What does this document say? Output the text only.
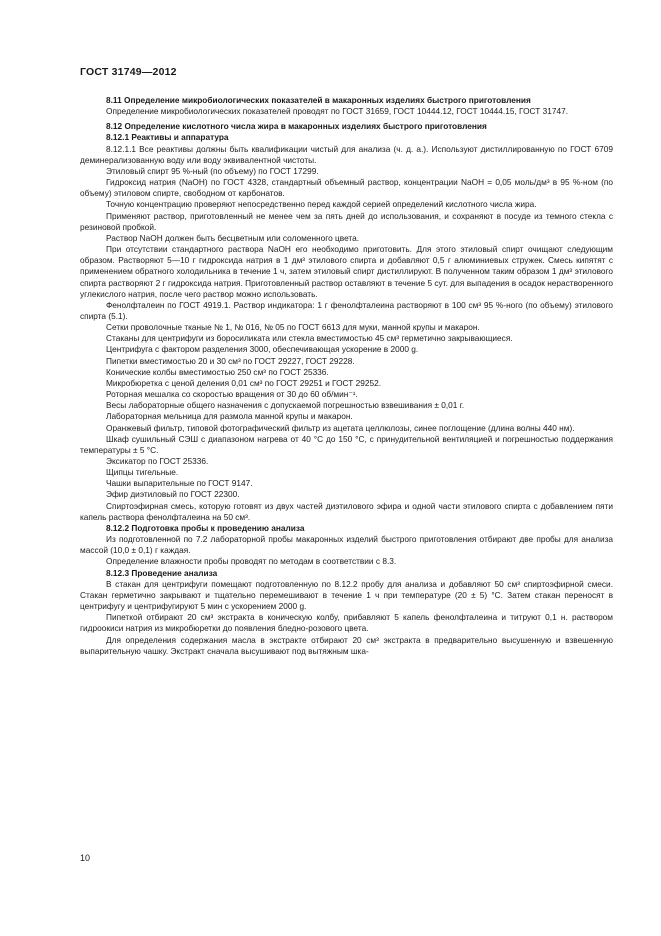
ГОСТ 31749—2012

8.11 Определение микробиологических показателей в макаронных изделиях быстрого приготовления

Определение микробиологических показателей проводят по ГОСТ 31659, ГОСТ 10444.12, ГОСТ 10444.15, ГОСТ 31747.

8.12 Определение кислотного числа жира в макаронных изделиях быстрого приготовления

8.12.1 Реактивы и аппаратура

8.12.1.1 Все реактивы должны быть квалификации чистый для анализа (ч. д. а.). Используют дистиллированную по ГОСТ 6709 деминерализованную воду или воду эквивалентной чистоты.

Этиловый спирт 95 %-ный (по объему) по ГОСТ 17299.

Гидроксид натрия (NaOH) по ГОСТ 4328, стандартный объемный раствор, концентрации NaOH = 0,05 моль/дм³ в 95 %-ном (по объему) этиловом спирте, свободном от карбонатов.

Точную концентрацию проверяют непосредственно перед каждой серией определений кислотного числа жира.

Применяют раствор, приготовленный не менее чем за пять дней до использования, и сохраняют в посуде из темного стекла с резиновой пробкой.

Раствор NaOH должен быть бесцветным или соломенного цвета.

При отсутствии стандартного раствора NaOH его необходимо приготовить. Для этого этиловый спирт очищают следующим образом. Растворяют 5—10 г гидроксида натрия в 1 дм³ этилового спирта и добавляют 0,5 г алюминиевых стружек. Смесь кипятят с применением обратного холодильника в течение 1 ч, затем этиловый спирт дистиллируют. В полученном таким образом 1 дм³ этилового спирта растворяют 2 г гидроксида натрия. Приготовленный раствор оставляют в течение 5 сут. для выпадения в осадок нерастворенного углекислого натрия, после чего раствор можно использовать.

Фенолфталеин по ГОСТ 4919.1. Раствор индикатора: 1 г фенолфталеина растворяют в 100 см³ 95 %-ного (по объему) этилового спирта (5.1).

Сетки проволочные тканые № 1, № 016, № 05 по ГОСТ 6613 для муки, манной крупы и макарон.

Стаканы для центрифуги из боросиликата или стекла вместимостью 45 см³ герметично закрывающиеся.

Центрифуга с фактором разделения 3000, обеспечивающая ускорение в 2000 g.

Пипетки вместимостью 20 и 30 см³ по ГОСТ 29227, ГОСТ 29228.

Конические колбы вместимостью 250 см³ по ГОСТ 25336.

Микробюретка с ценой деления 0,01 см³ по ГОСТ 29251 и ГОСТ 29252.

Роторная мешалка со скоростью вращения от 30 до 60 об/мин⁻¹.

Весы лабораторные общего назначения с допускаемой погрешностью взвешивания ± 0,01 г.

Лабораторная мельница для размола манной крупы и макарон.

Оранжевый фильтр, типовой фотографический фильтр из ацетата целлюлозы, синее поглощение (длина волны 440 нм).

Шкаф сушильный СЭШ с диапазоном нагрева от 40 °С до 150 °С, с принудительной вентиляцией и погрешностью поддержания температуры ± 5 °С.

Эксикатор по ГОСТ 25336.

Щипцы тигельные.

Чашки выпарительные по ГОСТ 9147.

Эфир диэтиловый по ГОСТ 22300.

Спиртоэфирная смесь, которую готовят из двух частей диэтилового эфира и одной части этилового спирта с добавлением пяти капель раствора фенолфталеина на 50 см³.

8.12.2 Подготовка пробы к проведению анализа

Из подготовленной по 7.2 лабораторной пробы макаронных изделий быстрого приготовления отбирают две пробы для анализа массой (10,0 ± 0,1) г каждая.

Определение влажности пробы проводят по методам в соответствии с 8.3.

8.12.3 Проведение анализа

В стакан для центрифуги помещают подготовленную по 8.12.2 пробу для анализа и добавляют 50 см³ спиртоэфирной смеси. Стакан герметично закрывают и тщательно перемешивают в течение 1 ч при температуре (20 ± 5) °С. Затем стакан переносят в центрифугу и центрифугируют 5 мин с ускорением 2000 g.

Пипеткой отбирают 20 см³ экстракта в коническую колбу, прибавляют 5 капель фенолфталеина и титруют 0,1 н. раствором гидроокиси натрия из микробюретки до появления бледно-розового цвета.

Для определения содержания масла в экстракте отбирают 20 см³ экстракта в предварительно высушенную и взвешенную выпарительную чашку. Экстракт сначала высушивают под вытяжным шка-

10
